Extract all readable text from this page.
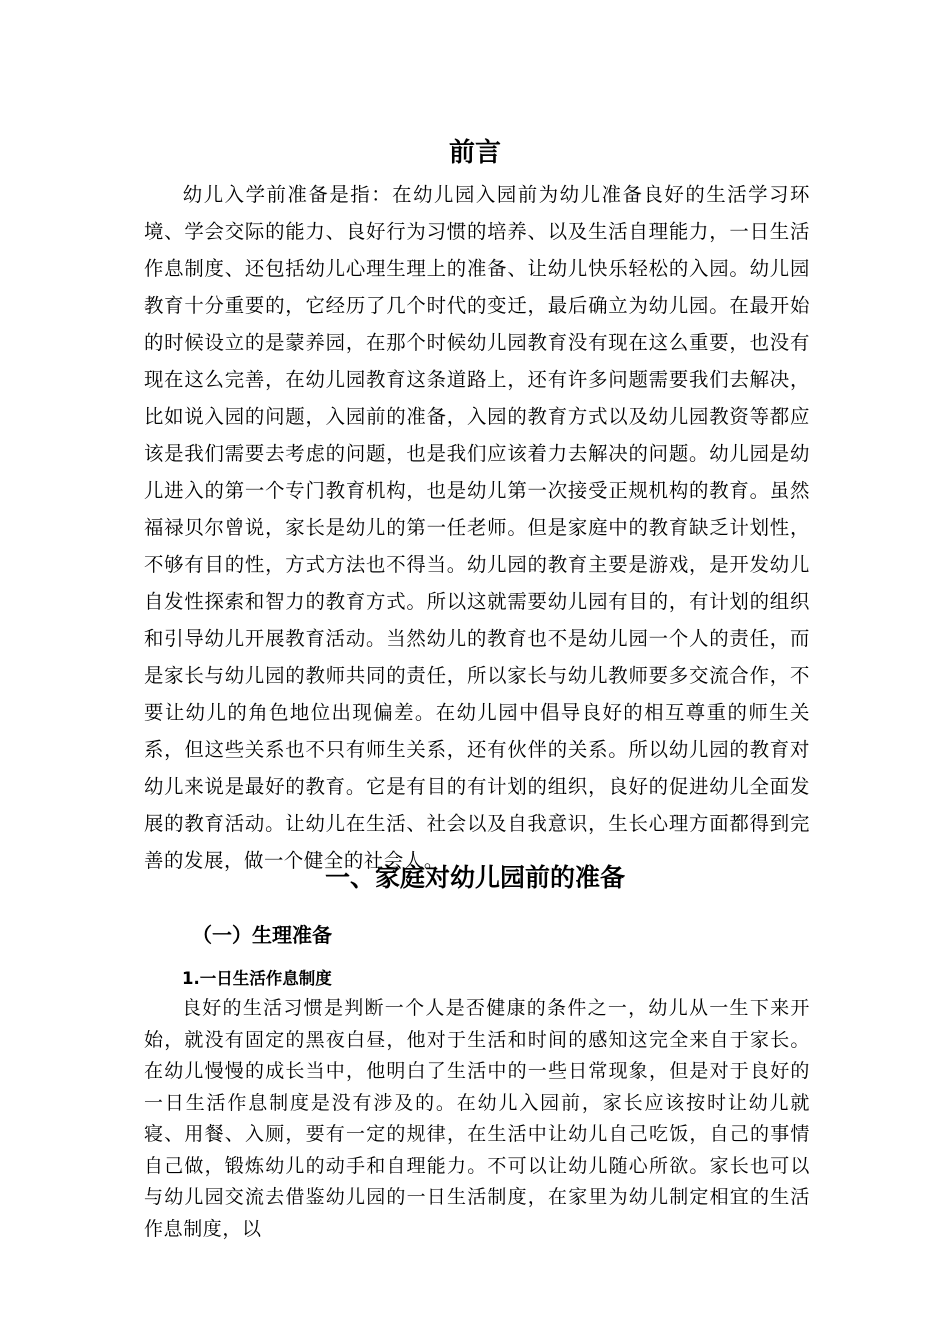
前言

幼儿入学前准备是指：在幼儿园入园前为幼儿准备良好的生活学习环境、学会交际的能力、良好行为习惯的培养、以及生活自理能力，一日生活作息制度、还包括幼儿心理生理上的准备、让幼儿快乐轻松的入园。幼儿园教育十分重要的，它经历了几个时代的变迁，最后确立为幼儿园。在最开始的时候设立的是蒙养园，在那个时候幼儿园教育没有现在这么重要，也没有现在这么完善，在幼儿园教育这条道路上，还有许多问题需要我们去解决，比如说入园的问题，入园前的准备，入园的教育方式以及幼儿园教资等都应该是我们需要去考虑的问题，也是我们应该着力去解决的问题。幼儿园是幼儿进入的第一个专门教育机构，也是幼儿第一次接受正规机构的教育。虽然福禄贝尔曾说，家长是幼儿的第一任老师。但是家庭中的教育缺乏计划性，不够有目的性，方式方法也不得当。幼儿园的教育主要是游戏，是开发幼儿自发性探索和智力的教育方式。所以这就需要幼儿园有目的，有计划的组织和引导幼儿开展教育活动。当然幼儿的教育也不是幼儿园一个人的责任，而是家长与幼儿园的教师共同的责任，所以家长与幼儿教师要多交流合作，不要让幼儿的角色地位出现偏差。在幼儿园中倡导良好的相互尊重的师生关系，但这些关系也不只有师生关系，还有伙伴的关系。所以幼儿园的教育对幼儿来说是最好的教育。它是有目的有计划的组织，良好的促进幼儿全面发展的教育活动。让幼儿在生活、社会以及自我意识，生长心理方面都得到完善的发展，做一个健全的社会人。

一、家庭对幼儿园前的准备
（一）生理准备
1.一日生活作息制度

良好的生活习惯是判断一个人是否健康的条件之一，幼儿从一生下来开始，就没有固定的黑夜白昼，他对于生活和时间的感知这完全来自于家长。在幼儿慢慢的成长当中，他明白了生活中的一些日常现象，但是对于良好的一日生活作息制度是没有涉及的。在幼儿入园前，家长应该按时让幼儿就寝、用餐、入厕，要有一定的规律，在生活中让幼儿自己吃饭，自己的事情自己做，锻炼幼儿的动手和自理能力。不可以让幼儿随心所欲。家长也可以与幼儿园交流去借鉴幼儿园的一日生活制度，在家里为幼儿制定相宜的生活作息制度，以
